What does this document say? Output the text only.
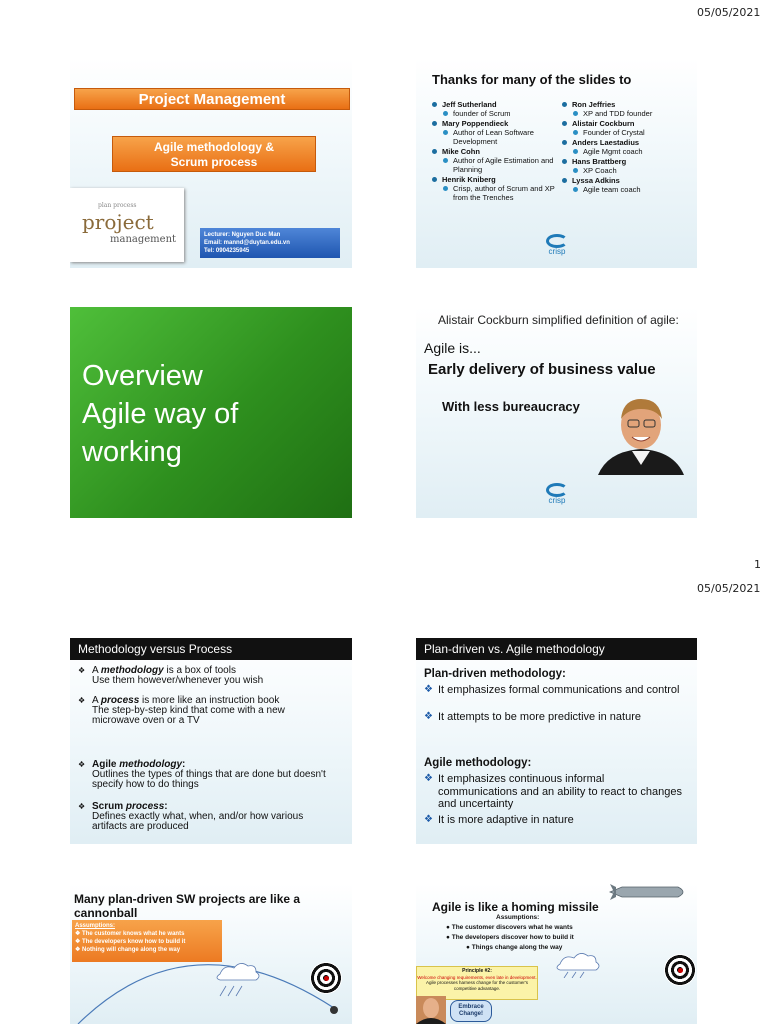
05/05/2021
Project Management
Agile methodology &
Scrum process
plan process
project
management	Lecturer: Nguyen Duc Man
Email: mannd@duytan.edu.vn
Tel: 0904235945
Thanks for many of the slides to
Jeff Sutherland
founder of Scrum
Mary Poppendieck
Author of Lean Software Development
Mike Cohn
Author of Agile Estimation and Planning
Henrik Kniberg
Crisp, author of Scrum and XP from the Trenches
Ron Jeffries
XP and TDD founder
Alistair Cockburn
Founder of Crystal
Anders Laestadius
Agile Mgmt coach
Hans Brattberg
XP Coach
Lyssa Adkins
Agile team coach
crisp
Overview
Agile way of
working
Alistair Cockburn simplified definition of agile:
Agile is...
Early delivery of business value
With less bureaucracy
crisp
1
05/05/2021
Methodology versus Process
❖ A methodology is a box of tools
Use them however/whenever you wish
❖ A process is more like an instruction book
The step-by-step kind that come with a new microwave oven or a TV
❖ Agile methodology:
Outlines the types of things that are done but doesn't specify how to do things
❖ Scrum process:
Defines exactly what, when, and/or how various artifacts are produced
Plan-driven vs. Agile methodology
Plan-driven methodology:
❖ It emphasizes formal communications and control
❖ It attempts to be more predictive in nature
Agile methodology:
❖ It emphasizes continuous informal communications and an ability to react to changes and uncertainty
❖ It is more adaptive in nature
Many plan-driven SW projects are like a
cannonball
Assumptions:
❖ The customer knows what he wants
❖ The developers know how to build it
❖ Nothing will change along the way
Agile is like a homing missile
Assumptions:
● The customer discovers what he wants
● The developers discover how to build it
● Things change along the way
Principle #2:
Welcome changing requirements, even late in development.
Agile processes harness change for the customer's competitive advantage.
Embrace Change!
